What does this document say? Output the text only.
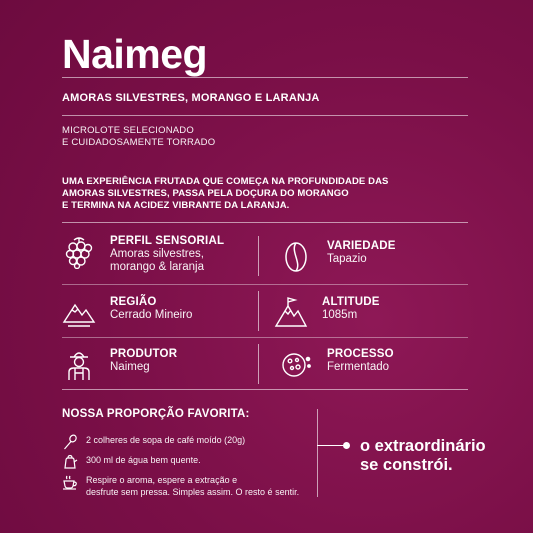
Naimeg
AMORAS SILVESTRES, MORANGO E LARANJA
MICROLOTE SELECIONADO
E CUIDADOSAMENTE TORRADO
UMA EXPERIÊNCIA FRUTADA QUE COMEÇA NA PROFUNDIDADE DAS
AMORAS SILVESTRES, PASSA PELA DOÇURA DO MORANGO
E TERMINA NA ACIDEZ VIBRANTE DA LARANJA.
PERFIL SENSORIAL
Amoras silvestres,
morango & laranja
VARIEDADE
Tapazio
REGIÃO
Cerrado Mineiro
ALTITUDE
1085m
PRODUTOR
Naimeg
PROCESSO
Fermentado
NOSSA PROPORÇÃO FAVORITA:
2 colheres de sopa de café moído (20g)
300 ml de água bem quente.
Respire o aroma, espere a extração e
desfrute sem pressa. Simples assim. O resto é sentir.
o extraordinário
se constrói.
